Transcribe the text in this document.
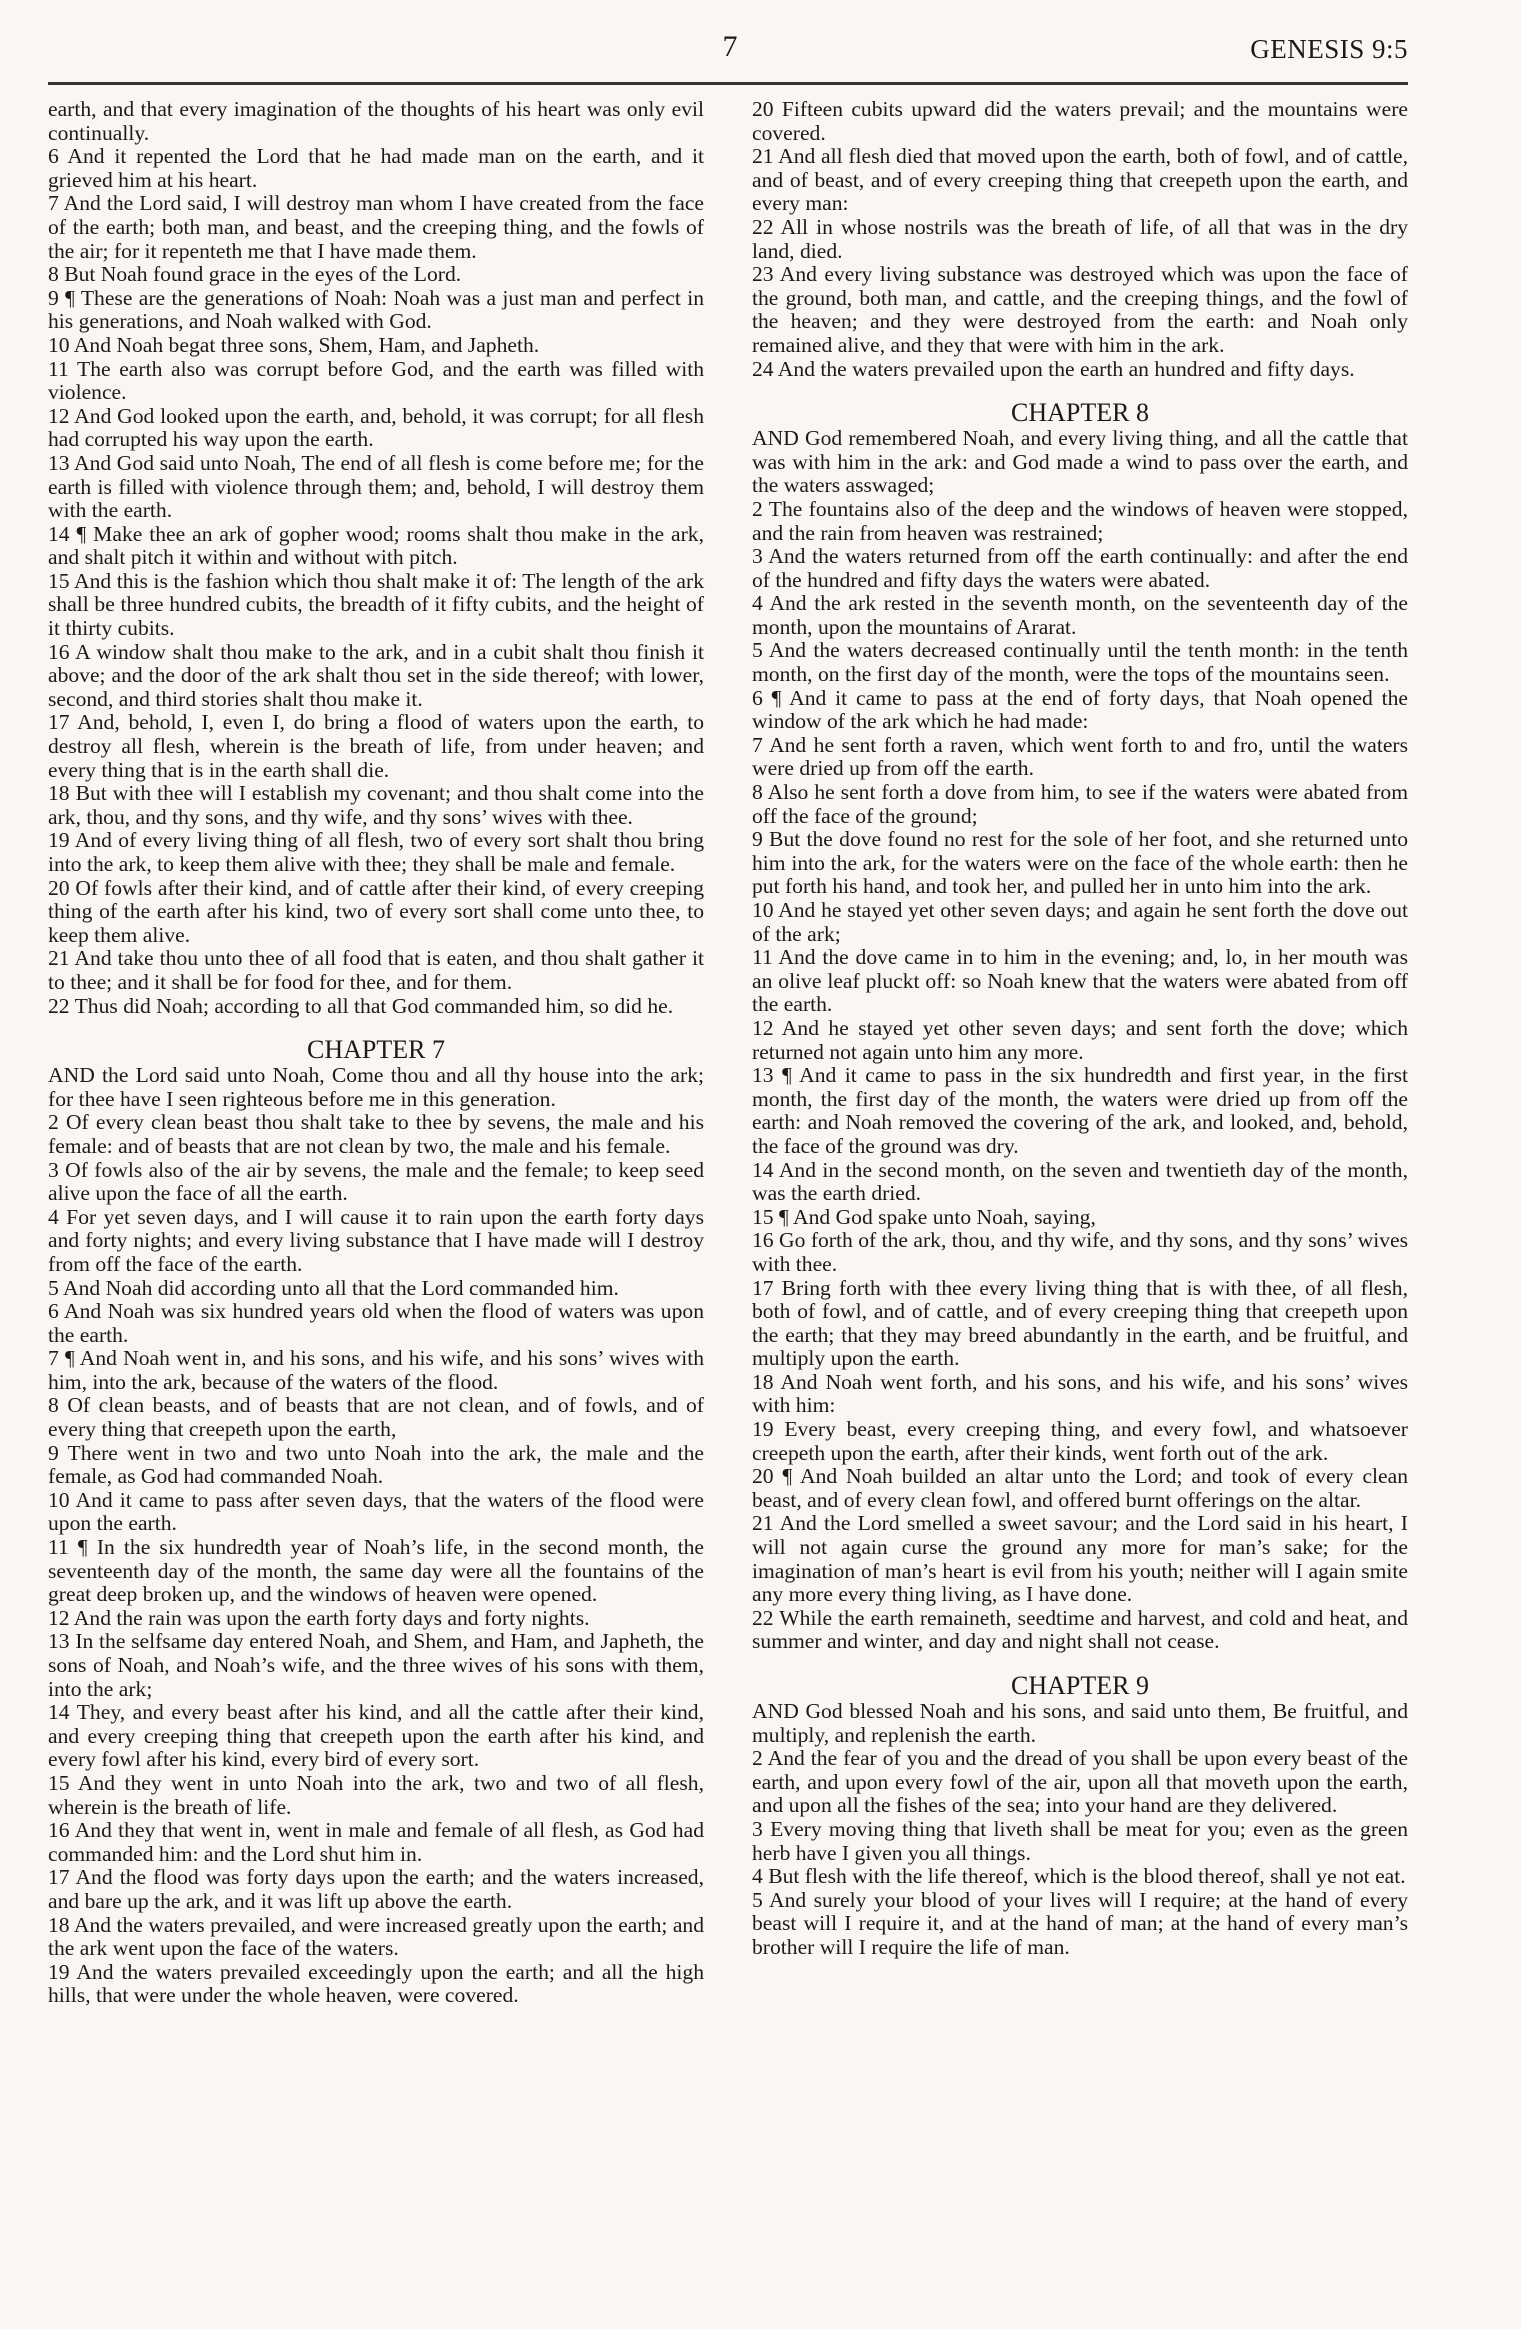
7	GENESIS 9:5

earth, and that every imagination of the thoughts of his heart was only evil continually.

6 And it repented the Lord that he had made man on the earth, and it grieved him at his heart.

7 And the Lord said, I will destroy man whom I have created from the face of the earth; both man, and beast, and the creeping thing, and the fowls of the air; for it repenteth me that I have made them.

8 But Noah found grace in the eyes of the Lord.

9 ¶ These are the generations of Noah: Noah was a just man and perfect in his generations, and Noah walked with God.

10 And Noah begat three sons, Shem, Ham, and Japheth.

11 The earth also was corrupt before God, and the earth was filled with violence.

12 And God looked upon the earth, and, behold, it was corrupt; for all flesh had corrupted his way upon the earth.

13 And God said unto Noah, The end of all flesh is come before me; for the earth is filled with violence through them; and, behold, I will destroy them with the earth.

14 ¶ Make thee an ark of gopher wood; rooms shalt thou make in the ark, and shalt pitch it within and without with pitch.

15 And this is the fashion which thou shalt make it of: The length of the ark shall be three hundred cubits, the breadth of it fifty cubits, and the height of it thirty cubits.

16 A window shalt thou make to the ark, and in a cubit shalt thou finish it above; and the door of the ark shalt thou set in the side thereof; with lower, second, and third stories shalt thou make it.

17 And, behold, I, even I, do bring a flood of waters upon the earth, to destroy all flesh, wherein is the breath of life, from under heaven; and every thing that is in the earth shall die.

18 But with thee will I establish my covenant; and thou shalt come into the ark, thou, and thy sons, and thy wife, and thy sons’ wives with thee.

19 And of every living thing of all flesh, two of every sort shalt thou bring into the ark, to keep them alive with thee; they shall be male and female.

20 Of fowls after their kind, and of cattle after their kind, of every creeping thing of the earth after his kind, two of every sort shall come unto thee, to keep them alive.

21 And take thou unto thee of all food that is eaten, and thou shalt gather it to thee; and it shall be for food for thee, and for them.

22 Thus did Noah; according to all that God commanded him, so did he.

CHAPTER 7

AND the Lord said unto Noah, Come thou and all thy house into the ark; for thee have I seen righteous before me in this generation.

2 Of every clean beast thou shalt take to thee by sevens, the male and his female: and of beasts that are not clean by two, the male and his female.

3 Of fowls also of the air by sevens, the male and the female; to keep seed alive upon the face of all the earth.

4 For yet seven days, and I will cause it to rain upon the earth forty days and forty nights; and every living substance that I have made will I destroy from off the face of the earth.

5 And Noah did according unto all that the Lord commanded him.

6 And Noah was six hundred years old when the flood of waters was upon the earth.

7 ¶ And Noah went in, and his sons, and his wife, and his sons’ wives with him, into the ark, because of the waters of the flood.

8 Of clean beasts, and of beasts that are not clean, and of fowls, and of every thing that creepeth upon the earth,

9 There went in two and two unto Noah into the ark, the male and the female, as God had commanded Noah.

10 And it came to pass after seven days, that the waters of the flood were upon the earth.

11 ¶ In the six hundredth year of Noah’s life, in the second month, the seventeenth day of the month, the same day were all the fountains of the great deep broken up, and the windows of heaven were opened.

12 And the rain was upon the earth forty days and forty nights.

13 In the selfsame day entered Noah, and Shem, and Ham, and Japheth, the sons of Noah, and Noah’s wife, and the three wives of his sons with them, into the ark;

14 They, and every beast after his kind, and all the cattle after their kind, and every creeping thing that creepeth upon the earth after his kind, and every fowl after his kind, every bird of every sort.

15 And they went in unto Noah into the ark, two and two of all flesh, wherein is the breath of life.

16 And they that went in, went in male and female of all flesh, as God had commanded him: and the Lord shut him in.

17 And the flood was forty days upon the earth; and the waters increased, and bare up the ark, and it was lift up above the earth.

18 And the waters prevailed, and were increased greatly upon the earth; and the ark went upon the face of the waters.

19 And the waters prevailed exceedingly upon the earth; and all the high hills, that were under the whole heaven, were covered.

20 Fifteen cubits upward did the waters prevail; and the mountains were covered.

21 And all flesh died that moved upon the earth, both of fowl, and of cattle, and of beast, and of every creeping thing that creepeth upon the earth, and every man:

22 All in whose nostrils was the breath of life, of all that was in the dry land, died.

23 And every living substance was destroyed which was upon the face of the ground, both man, and cattle, and the creeping things, and the fowl of the heaven; and they were destroyed from the earth: and Noah only remained alive, and they that were with him in the ark.

24 And the waters prevailed upon the earth an hundred and fifty days.

CHAPTER 8

AND God remembered Noah, and every living thing, and all the cattle that was with him in the ark: and God made a wind to pass over the earth, and the waters asswaged;

2 The fountains also of the deep and the windows of heaven were stopped, and the rain from heaven was restrained;

3 And the waters returned from off the earth continually: and after the end of the hundred and fifty days the waters were abated.

4 And the ark rested in the seventh month, on the seventeenth day of the month, upon the mountains of Ararat.

5 And the waters decreased continually until the tenth month: in the tenth month, on the first day of the month, were the tops of the mountains seen.

6 ¶ And it came to pass at the end of forty days, that Noah opened the window of the ark which he had made:

7 And he sent forth a raven, which went forth to and fro, until the waters were dried up from off the earth.

8 Also he sent forth a dove from him, to see if the waters were abated from off the face of the ground;

9 But the dove found no rest for the sole of her foot, and she returned unto him into the ark, for the waters were on the face of the whole earth: then he put forth his hand, and took her, and pulled her in unto him into the ark.

10 And he stayed yet other seven days; and again he sent forth the dove out of the ark;

11 And the dove came in to him in the evening; and, lo, in her mouth was an olive leaf pluckt off: so Noah knew that the waters were abated from off the earth.

12 And he stayed yet other seven days; and sent forth the dove; which returned not again unto him any more.

13 ¶ And it came to pass in the six hundredth and first year, in the first month, the first day of the month, the waters were dried up from off the earth: and Noah removed the covering of the ark, and looked, and, behold, the face of the ground was dry.

14 And in the second month, on the seven and twentieth day of the month, was the earth dried.

15 ¶ And God spake unto Noah, saying,

16 Go forth of the ark, thou, and thy wife, and thy sons, and thy sons’ wives with thee.

17 Bring forth with thee every living thing that is with thee, of all flesh, both of fowl, and of cattle, and of every creeping thing that creepeth upon the earth; that they may breed abundantly in the earth, and be fruitful, and multiply upon the earth.

18 And Noah went forth, and his sons, and his wife, and his sons’ wives with him:

19 Every beast, every creeping thing, and every fowl, and whatsoever creepeth upon the earth, after their kinds, went forth out of the ark.

20 ¶ And Noah builded an altar unto the Lord; and took of every clean beast, and of every clean fowl, and offered burnt offerings on the altar.

21 And the Lord smelled a sweet savour; and the Lord said in his heart, I will not again curse the ground any more for man’s sake; for the imagination of man’s heart is evil from his youth; neither will I again smite any more every thing living, as I have done.

22 While the earth remaineth, seedtime and harvest, and cold and heat, and summer and winter, and day and night shall not cease.

CHAPTER 9

AND God blessed Noah and his sons, and said unto them, Be fruitful, and multiply, and replenish the earth.

2 And the fear of you and the dread of you shall be upon every beast of the earth, and upon every fowl of the air, upon all that moveth upon the earth, and upon all the fishes of the sea; into your hand are they delivered.

3 Every moving thing that liveth shall be meat for you; even as the green herb have I given you all things.

4 But flesh with the life thereof, which is the blood thereof, shall ye not eat.

5 And surely your blood of your lives will I require; at the hand of every beast will I require it, and at the hand of man; at the hand of every man’s brother will I require the life of man.
